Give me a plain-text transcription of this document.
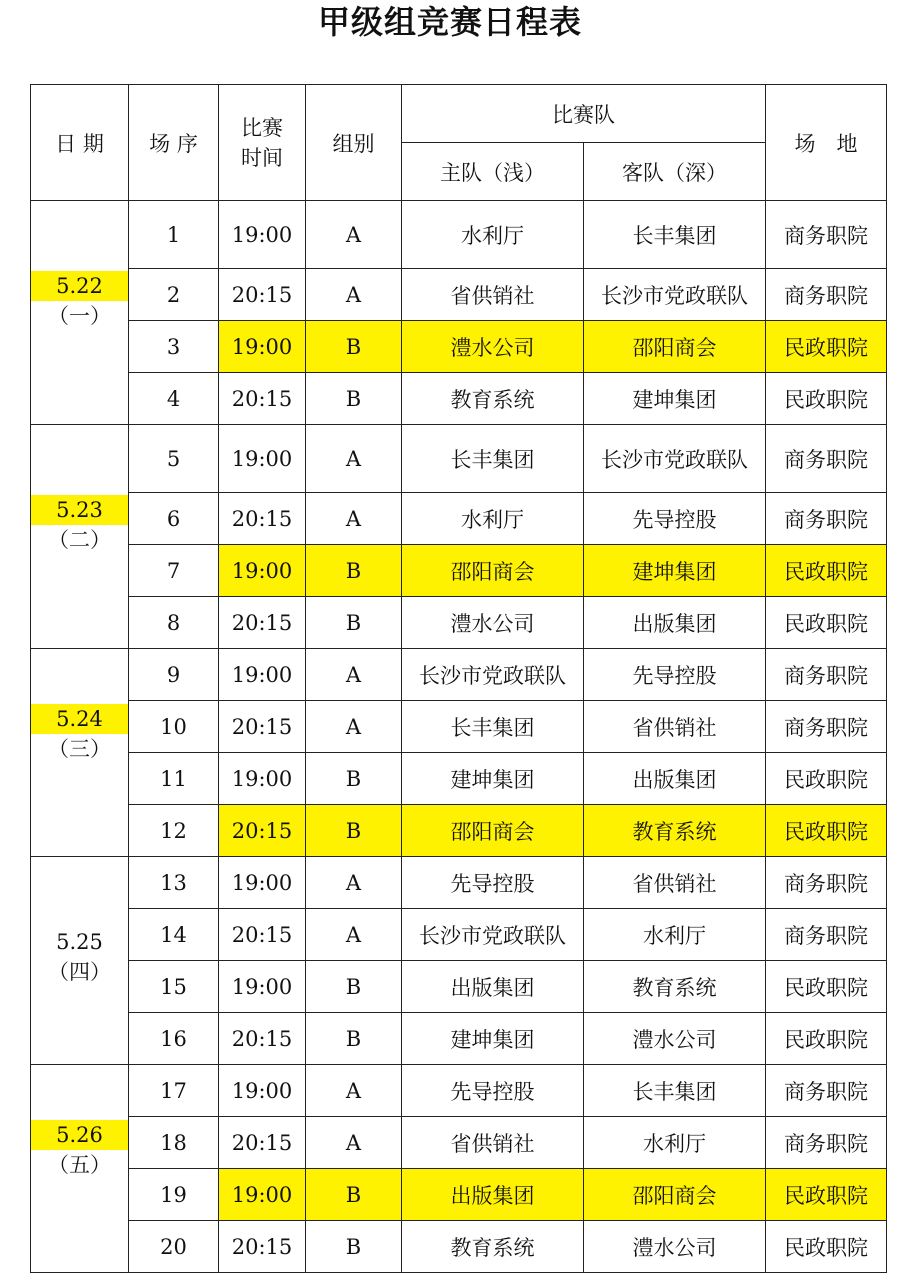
甲级组竞赛日程表
日 期	场 序	比赛
时间	组别	比赛队		场　地
				主队（浅）	客队（深）	

5.22
（一）	1	19:00	A	水利厅	长丰集团	商务职院
	2	20:15	A	省供销社	长沙市党政联队	商务职院
	3	19:00	B	澧水公司	邵阳商会	民政职院
	4	20:15	B	教育系统	建坤集团	民政职院

5.23
（二）	5	19:00	A	长丰集团	长沙市党政联队	商务职院
	6	20:15	A	水利厅	先导控股	商务职院
	7	19:00	B	邵阳商会	建坤集团	民政职院
	8	20:15	B	澧水公司	出版集团	民政职院

5.24
（三）	9	19:00	A	长沙市党政联队	先导控股	商务职院
	10	20:15	A	长丰集团	省供销社	商务职院
	11	19:00	B	建坤集团	出版集团	民政职院
	12	20:15	B	邵阳商会	教育系统	民政职院

5.25
（四）	13	19:00	A	先导控股	省供销社	商务职院
	14	20:15	A	长沙市党政联队	水利厅	商务职院
	15	19:00	B	出版集团	教育系统	民政职院
	16	20:15	B	建坤集团	澧水公司	民政职院

5.26
（五）	17	19:00	A	先导控股	长丰集团	商务职院
	18	20:15	A	省供销社	水利厅	商务职院
	19	19:00	B	出版集团	邵阳商会	民政职院
	20	20:15	B	教育系统	澧水公司	民政职院
